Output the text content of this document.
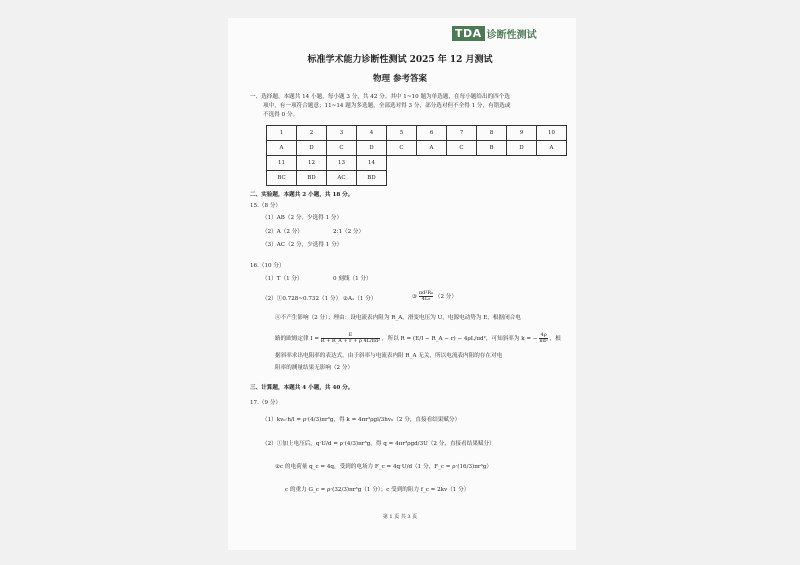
TDA 诊断性测试
标准学术能力诊断性测试 2025 年 12 月测试
物理 参考答案
一、选择题，本题共 14 小题，每小题 3 分，共 42 分。其中 1~10 题为单选题，在每小题给出的四个选
项中，有一项符合题意；11~14 题为多选题，全部选对得 3 分，部分选对但不全得 1 分，有错选或
不选得 0 分。
1	2	3	4	5	6	7	8	9	10
A	D	C	D	C	A	C	B	D	A
11	12	13	14						
BC	BD	AC	BD						
二、实验题，本题共 2 小题，共 18 分。
15.（8 分）
（1）AB（2 分，少选得 1 分）
（2）A（2 分）	2:1（2 分）
（3）AC（2 分，少选得 1 分）
16.（10 分）
（1）T（1 分）	0 刻线（1 分）
（2）①0.728~0.732（1 分） ②A₁（1 分）	③ $\frac{\text{πd²R₀}}{\text{4L₀}} (2$ 分）
④不产生影响（2 分）；理由：设电流表内阻为 R_A，滑变电压为 U，电源电动势为 E，根据闭合电
路的欧姆定律 $I = \frac{E}{\text{R + R\_A + r + ρ 4L/πd²}}$ ，所以 R = (E/I − R_A − r) − 4ρL/πd²，可知斜率为 k = − $\frac{4\rho}{\text{πd²}}$ ，根
据斜率求出电阻率的表达式，由于斜率与电流表内阻 R_A 无关，所以电流表内阻的存在对电
阻率的测量结果无影响（2 分）
三、计算题，本题共 4 小题，共 40 分。
17.（9 分）
（1）kv₀·h/l = ρ·(4/3)πr³g，得 k = 4πr³ρgl/3hv₀（2 分，直接看结果赋分）
（2）①加上电压后，q·U/d = ρ·(4/3)πr³g，得 q = 4πr³ρgd/3U（2 分，直接看结果赋分）
②c 的电荷量 q_c = 4q，受到的电场力 F_c = 4q·U/d（1 分，F_c = ρ·(16/3)πr³g）
c 的重力 G_c = ρ·(32/3)πr³g（1 分）；c 受到的阻力 f_c = 2kv（1 分）
第 1 页 共 3 页
